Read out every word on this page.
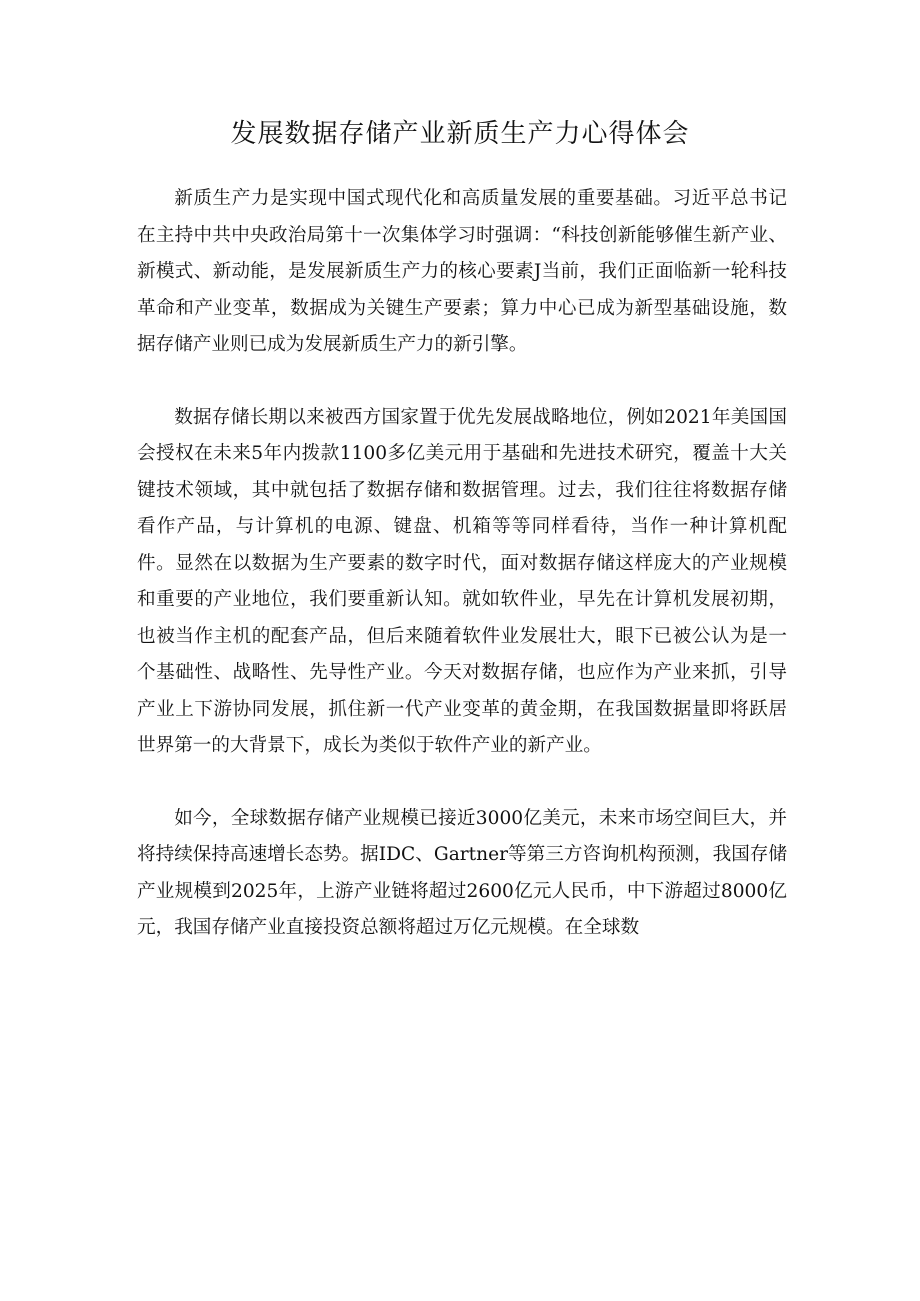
发展数据存储产业新质生产力心得体会

新质生产力是实现中国式现代化和高质量发展的重要基础。习近平总书记在主持中共中央政治局第十一次集体学习时强调：“科技创新能够催生新产业、新模式、新动能，是发展新质生产力的核心要素J当前，我们正面临新一轮科技革命和产业变革，数据成为关键生产要素；算力中心已成为新型基础设施，数据存储产业则已成为发展新质生产力的新引擎。

数据存储长期以来被西方国家置于优先发展战略地位，例如2021年美国国会授权在未来5年内拨款1100多亿美元用于基础和先进技术研究，覆盖十大关键技术领域，其中就包括了数据存储和数据管理。过去，我们往往将数据存储看作产品，与计算机的电源、键盘、机箱等等同样看待，当作一种计算机配件。显然在以数据为生产要素的数字时代，面对数据存储这样庞大的产业规模和重要的产业地位，我们要重新认知。就如软件业，早先在计算机发展初期，也被当作主机的配套产品，但后来随着软件业发展壮大，眼下已被公认为是一个基础性、战略性、先导性产业。今天对数据存储，也应作为产业来抓，引导产业上下游协同发展，抓住新一代产业变革的黄金期，在我国数据量即将跃居世界第一的大背景下，成长为类似于软件产业的新产业。

如今，全球数据存储产业规模已接近3000亿美元，未来市场空间巨大，并将持续保持高速增长态势。据IDC、Gartner等第三方咨询机构预测，我国存储产业规模到2025年，上游产业链将超过2600亿元人民币，中下游超过8000亿元，我国存储产业直接投资总额将超过万亿元规模。在全球数
